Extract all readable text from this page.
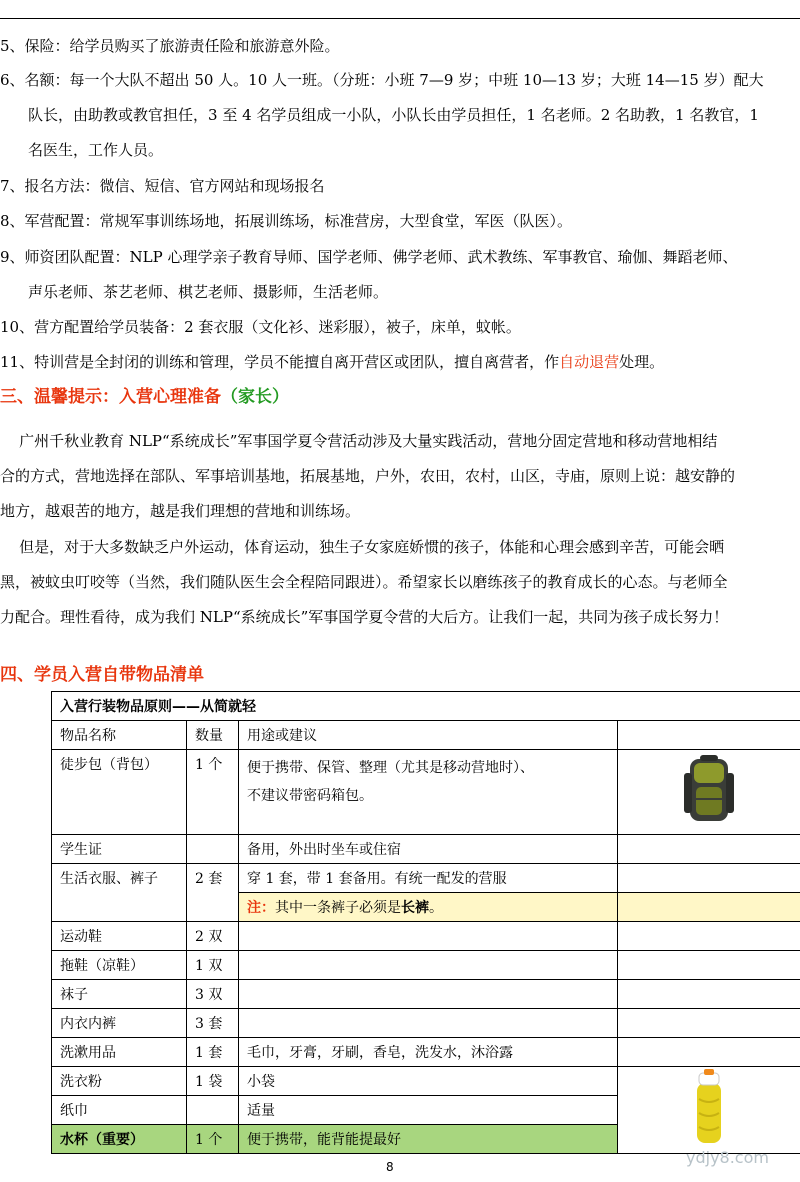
5、保险：给学员购买了旅游责任险和旅游意外险。
6、名额：每一个大队不超出 50 人。10 人一班。（分班：小班 7—9 岁；中班 10—13 岁；大班 14—15 岁）配大
队长，由助教或教官担任，3 至 4 名学员组成一小队，小队长由学员担任，1 名老师。2 名助教，1 名教官，1
名医生，工作人员。
7、报名方法：微信、短信、官方网站和现场报名
8、军营配置：常规军事训练场地，拓展训练场，标准营房，大型食堂，军医（队医）。
9、师资团队配置：NLP 心理学亲子教育导师、国学老师、佛学老师、武术教练、军事教官、瑜伽、舞蹈老师、
声乐老师、茶艺老师、棋艺老师、摄影师，生活老师。
10、营方配置给学员装备：2 套衣服（文化衫、迷彩服），被子，床单，蚊帐。
11、特训营是全封闭的训练和管理，学员不能擅自离开营区或团队，擅自离营者，作自动退营处理。
三、温馨提示：入营心理准备（家长）
广州千秋业教育 NLP“系统成长”军事国学夏令营活动涉及大量实践活动，营地分固定营地和移动营地相结
合的方式，营地选择在部队、军事培训基地，拓展基地，户外，农田，农村，山区，寺庙，原则上说：越安静的
地方，越艰苦的地方，越是我们理想的营地和训练场。
但是，对于大多数缺乏户外运动，体育运动，独生子女家庭娇惯的孩子，体能和心理会感到辛苦，可能会晒
黑，被蚊虫叮咬等（当然，我们随队医生会全程陪同跟进）。希望家长以磨练孩子的教育成长的心态。与老师全
力配合。理性看待，成为我们 NLP“系统成长”军事国学夏令营的大后方。让我们一起，共同为孩子成长努力！
四、学员入营自带物品清单
入营行装物品原则——从简就轻			
物品名称	数量	用途或建议	
徒步包（背包）	1 个	便于携带、保管、整理（尤其是移动营地时）、
不建议带密码箱包。

学生证		备用，外出时坐车或住宿	
生活衣服、裤子	2 套	穿 1 套，带 1 套备用。有统一配发的营服	
		注：其中一条裤子必须是长裤。	
运动鞋	2 双		
拖鞋（凉鞋）	1 双		
袜子	3 双		
内衣内裤	3 套		
洗漱用品	1 套	毛巾，牙膏，牙刷，香皂，洗发水，沐浴露	
洗衣粉	1 袋	小袋	
纸巾		适量	
水杯（重要）	1 个	便于携带，能背能提最好	
8	ydjy8.com
